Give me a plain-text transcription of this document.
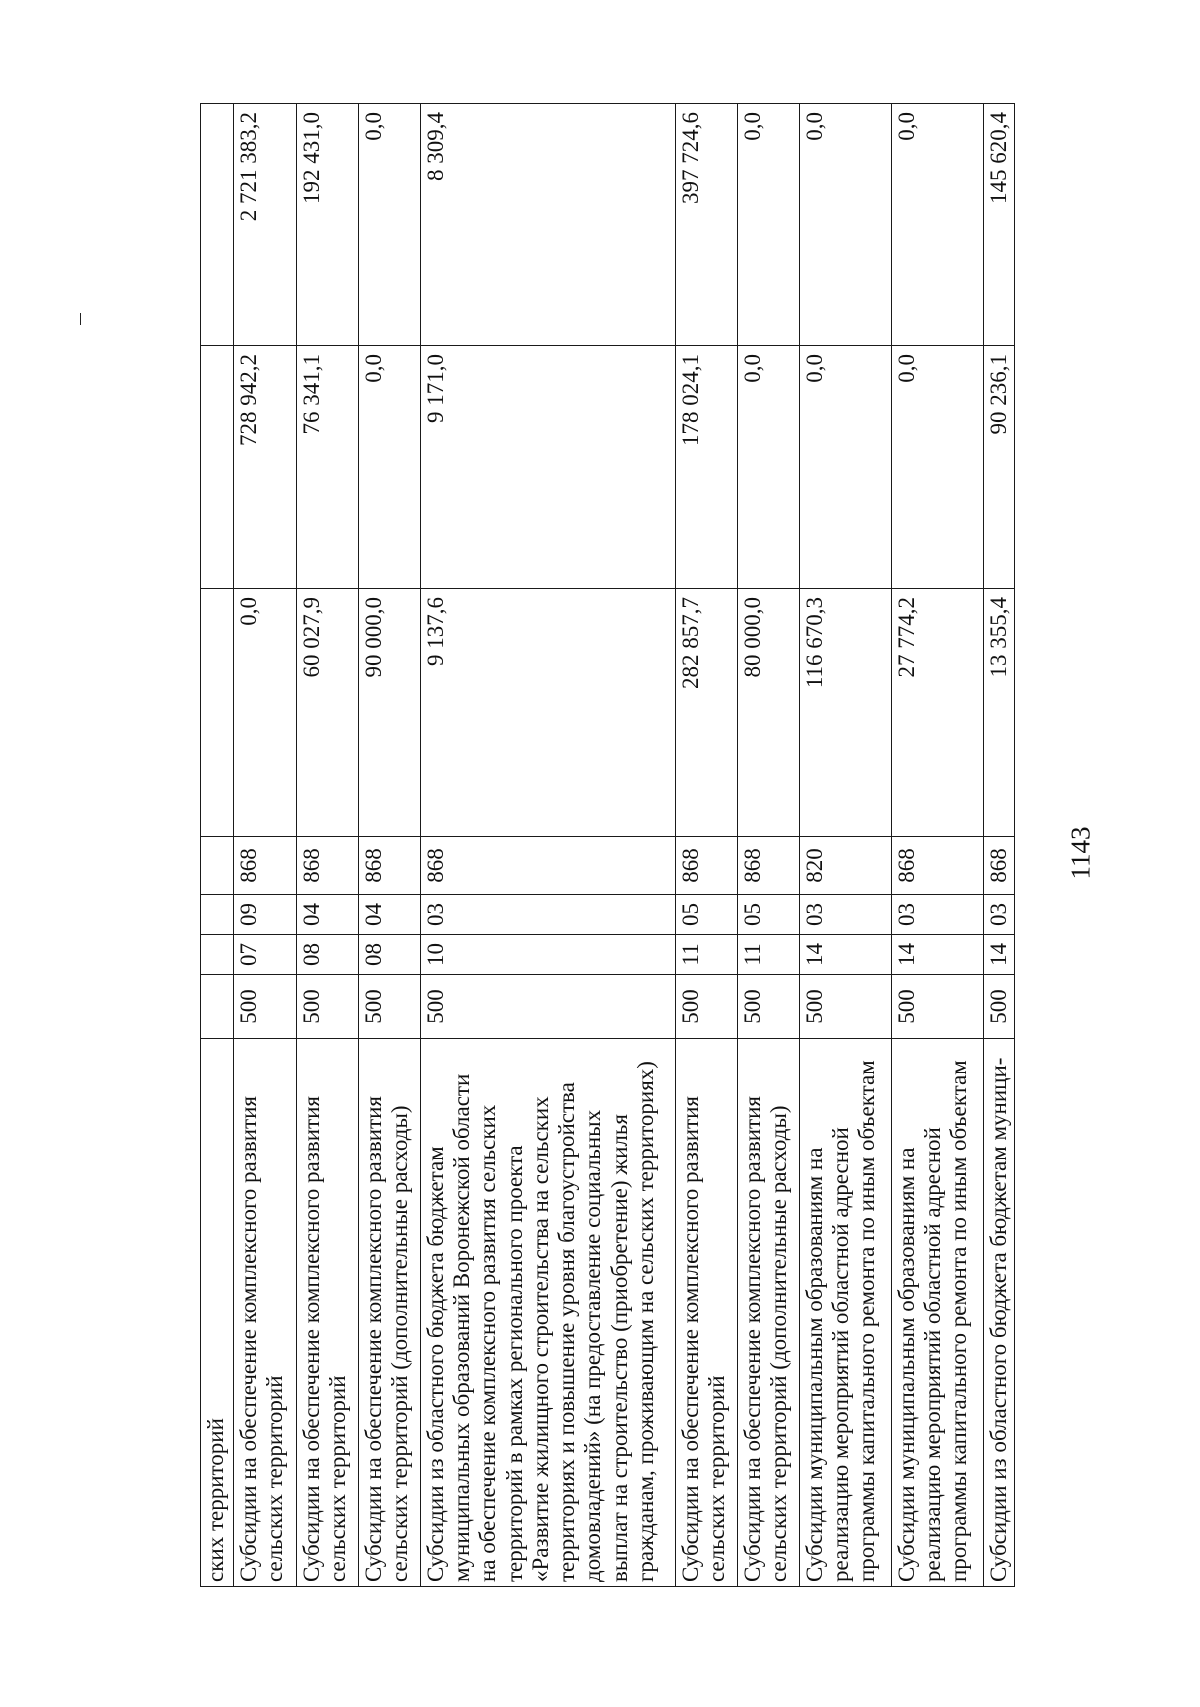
1143
ских территорий							
Субсидии на обеспечение комплексного развития сельских территорий	500	07	09	868	0,0	728 942,2	2 721 383,2
Субсидии на обеспечение комплексного развития сельских территорий	500	08	04	868	60 027,9	76 341,1	192 431,0
Субсидии на обеспечение комплексного развития сельских территорий (дополнительные расходы)	500	08	04	868	90 000,0	0,0	0,0
Субсидии из областного бюджета бюджетам муниципальных образований Воронежской области на обеспечение комплексного развития сельских территорий в рамках регионального проекта «Развитие жилищного строительства на сельских территориях и повышение уровня благоустройства домовладений» (на предоставление социальных выплат на строительство (приобретение) жилья гражданам, проживающим на сельских территориях)	500	10	03	868	9 137,6	9 171,0	8 309,4
Субсидии на обеспечение комплексного развития сельских территорий	500	11	05	868	282 857,7	178 024,1	397 724,6
Субсидии на обеспечение комплексного развития сельских территорий (дополнительные расходы)	500	11	05	868	80 000,0	0,0	0,0
Субсидии муниципальным образованиям на реализацию мероприятий областной адресной программы капитального ремонта по иным объектам	500	14	03	820	116 670,3	0,0	0,0
Субсидии муниципальным образованиям на реализацию мероприятий областной адресной программы капитального ремонта по иным объектам	500	14	03	868	27 774,2	0,0	0,0
Субсидии из областного бюджета бюджетам муници-	500	14	03	868	13 355,4	90 236,1	145 620,4
